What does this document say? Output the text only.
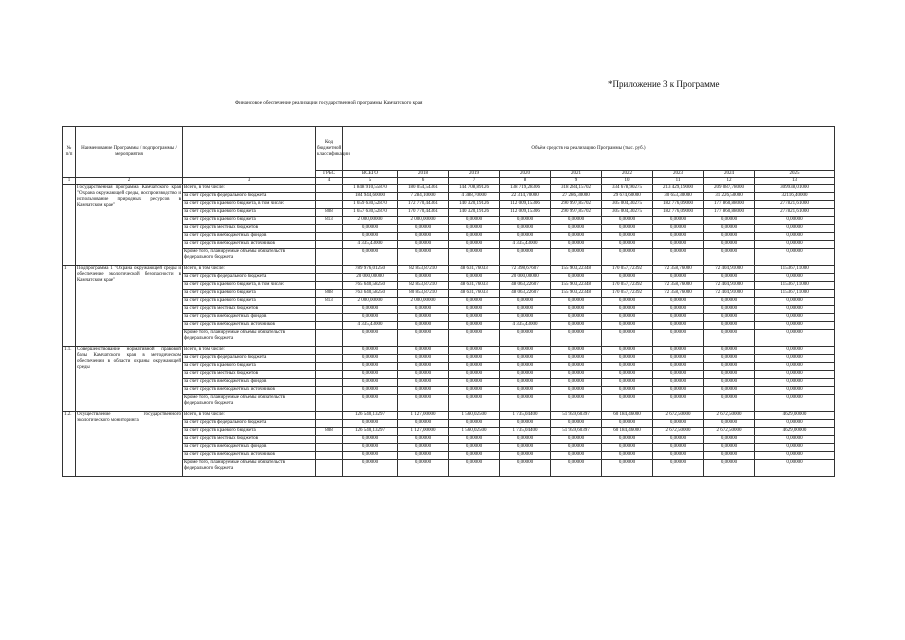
*Приложение 3 к Программе
Финансовое обеспечение реализации государственной программы Камчатского края
№ п/п	Наименование Программы / подпрограммы / мероприятия		Код бюджетной классификации	Объём средств на реализацию Программы (тыс. руб.)								
			ГРБС	ВСЕГО	2018	2019	2020	2021	2022	2023	2024	2025
1	2	3	4	5	6	7	8	9	10	11	12	13
	Государственная программа Камчатского края "Охрана окружающей среды, воспроизводство и использование природных ресурсов в Камчатском крае"	Всего, в том числе:		1 848 910,55870	180 054,54361	144 708,89126	138 719,28306	318 284,15702	334 678,90275	213 429,19000	209 087,78000	309938,01000
		за счет средств федерального бюджета		184 944,60000	7 284,10000	4 388,70000	22 314,70000	27 286,30000	29 674,60000	30 653,30000	31 226,50000	32116,40000
		за счет средств краевого бюджета, в том числе:		1 659 630,52870	172 770,44361	140 320,19126	112 009,15306	290 997,85702	305 004,30275	182 776,09000	177 860,88000	277821,61000
		за счет средств краевого бюджета	808	1 657 630,52870	170 770,44361	140 320,19126	112 009,15306	290 997,85702	305 004,30275	182 776,09000	177 860,88000	277821,61000
		за счет средств краевого бюджета	813	2 000,00000	2 000,00000	0,00000	0,00000	0,00000	0,00000	0,00000	0,00000	0,00000
		за счет средств местных бюджетов		0,00000	0,00000	0,00000	0,00000	0,00000	0,00000	0,00000	0,00000	0,00000
		за счет средств внебюджетных фондов		0,00000	0,00000	0,00000	0,00000	0,00000	0,00000	0,00000	0,00000	0,00000
		за счет средств внебюджетных источников		4 335,43000	0,00000	0,00000	4 335,43000	0,00000	0,00000	0,00000	0,00000	0,00000
		Кроме того, планируемые объемы обязательств федерального бюджета		0,00000	0,00000	0,00000	0,00000	0,00000	0,00000	0,00000	0,00000	0,00000
1	Подпрограмма 1 "Охрана окружающей среды и обеспечение экологической безопасности в Камчатском крае"	Всего, в том числе:		789 976,01250	82 853,87210	48 631,76033	72 398,67607	155 903,22348	170 057,72392	72 358,76000	72 404,91000	115367,11000
		за счет средств федерального бюджета		20 000,00000	0,00000	0,00000	20 000,00000	0,00000	0,00000	0,00000	0,00000	0,00000
		за счет средств краевого бюджета, в том числе:		765 640,58250	82 853,87210	48 631,76033	48 063,22607	155 903,22348	170 057,72392	72 358,76000	72 404,91000	115367,11000
		за счет средств краевого бюджета	808	763 640,58250	80 853,87210	48 631,76033	48 063,22607	155 903,22348	170 057,72392	72 358,76000	72 404,91000	115367,11000
		за счет средств краевого бюджета	813	2 000,00000	2 000,00000	0,00000	0,00000	0,00000	0,00000	0,00000	0,00000	0,00000
		за счет средств местных бюджетов		0,00000	0,00000	0,00000	0,00000	0,00000	0,00000	0,00000	0,00000	0,00000
		за счет средств внебюджетных фондов		0,00000	0,00000	0,00000	0,00000	0,00000	0,00000	0,00000	0,00000	0,00000
		за счет средств внебюджетных источников		4 335,43000	0,00000	0,00000	4 335,43000	0,00000	0,00000	0,00000	0,00000	0,00000
		Кроме того, планируемые объемы обязательств федерального бюджета		0,00000	0,00000	0,00000	0,00000	0,00000	0,00000	0,00000	0,00000	0,00000
1.1.	Совершенствование нормативной правовой базы Камчатского края в методическом обеспечении в области охраны окружающей среды	Всего, в том числе:		0,00000	0,00000	0,00000	0,00000	0,00000	0,00000	0,00000	0,00000	0,00000
		за счет средств федерального бюджета		0,00000	0,00000	0,00000	0,00000	0,00000	0,00000	0,00000	0,00000	0,00000
		за счет средств краевого бюджета		0,00000	0,00000	0,00000	0,00000	0,00000	0,00000	0,00000	0,00000	0,00000
		за счет средств местных бюджетов		0,00000	0,00000	0,00000	0,00000	0,00000	0,00000	0,00000	0,00000	0,00000
		за счет средств внебюджетных фондов		0,00000	0,00000	0,00000	0,00000	0,00000	0,00000	0,00000	0,00000	0,00000
		за счет средств внебюджетных источников		0,00000	0,00000	0,00000	0,00000	0,00000	0,00000	0,00000	0,00000	0,00000
		Кроме того, планируемые объемы обязательств федерального бюджета		0,00000	0,00000	0,00000	0,00000	0,00000	0,00000	0,00000	0,00000	0,00000
1.2.	Осуществление государственного экологического мониторинга	Всего, в том числе:		126 540,13297	1 127,00000	1 560,02500	1 735,04400	51 959,60397	60 184,46000	2 672,50000	2 672,50000	4629,00000
		за счет средств федерального бюджета		0,00000	0,00000	0,00000	0,00000	0,00000	0,00000	0,00000	0,00000	0,00000
		за счет средств краевого бюджета	808	126 540,13297	1 127,00000	1 560,02500	1 735,04400	51 959,60397	60 184,46000	2 672,50000	2 672,50000	4629,00000
		за счет средств местных бюджетов		0,00000	0,00000	0,00000	0,00000	0,00000	0,00000	0,00000	0,00000	0,00000
		за счет средств внебюджетных фондов		0,00000	0,00000	0,00000	0,00000	0,00000	0,00000	0,00000	0,00000	0,00000
		за счет средств внебюджетных источников		0,00000	0,00000	0,00000	0,00000	0,00000	0,00000	0,00000	0,00000	0,00000
		Кроме того, планируемые объемы обязательств федерального бюджета		0,00000	0,00000	0,00000	0,00000	0,00000	0,00000	0,00000	0,00000	0,00000
